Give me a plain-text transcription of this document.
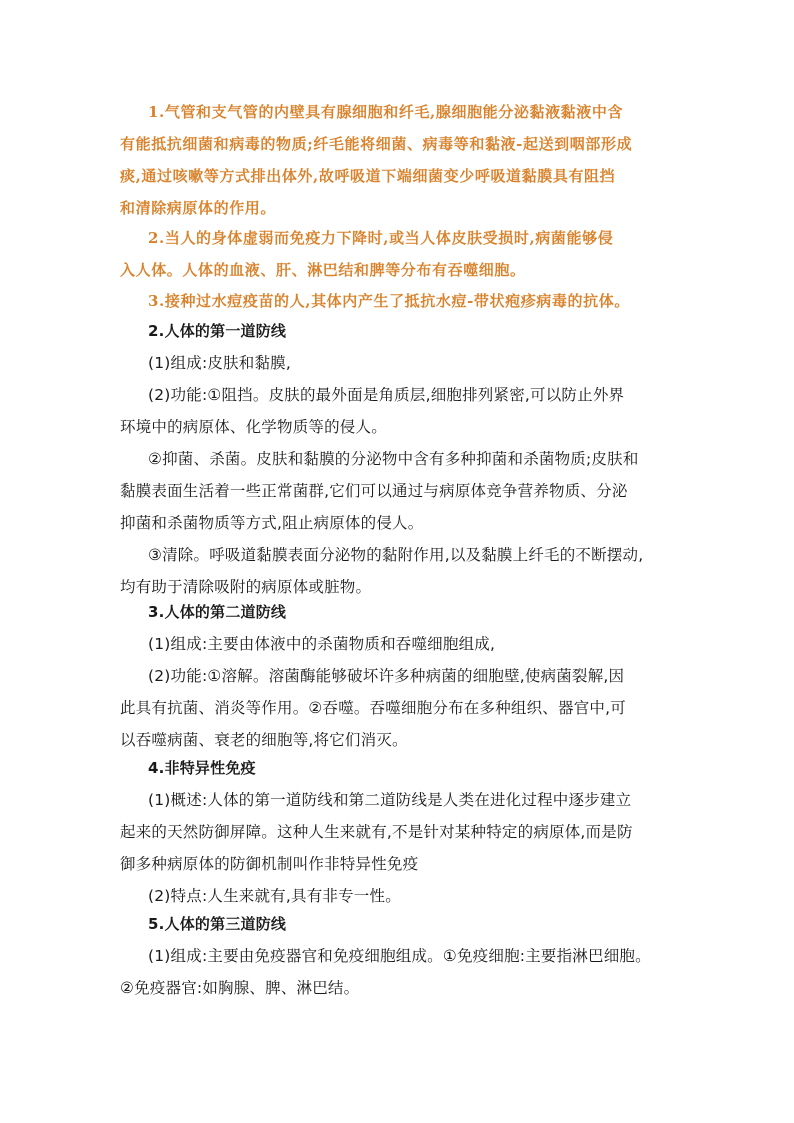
1.气管和支气管的内壁具有腺细胞和纤毛,腺细胞能分泌黏液黏液中含
有能抵抗细菌和病毒的物质;纤毛能将细菌、病毒等和黏液-起送到咽部形成
痰,通过咳嗽等方式排出体外,故呼吸道下端细菌变少呼吸道黏膜具有阻挡
和清除病原体的作用。
2.当人的身体虚弱而免疫力下降时,或当人体皮肤受损时,病菌能够侵
入人体。人体的血液、肝、淋巴结和脾等分布有吞噬细胞。
3.接种过水痘疫苗的人,其体内产生了抵抗水痘-带状疱疹病毒的抗体。
2.人体的第一道防线
(1)组成:皮肤和黏膜,
(2)功能:①阻挡。皮肤的最外面是角质层,细胞排列紧密,可以防止外界
环境中的病原体、化学物质等的侵人。
②抑菌、杀菌。皮肤和黏膜的分泌物中含有多种抑菌和杀菌物质;皮肤和
黏膜表面生活着一些正常菌群,它们可以通过与病原体竞争营养物质、分泌
抑菌和杀菌物质等方式,阻止病原体的侵人。
③清除。呼吸道黏膜表面分泌物的黏附作用,以及黏膜上纤毛的不断摆动,
均有助于清除吸附的病原体或脏物。
3.人体的第二道防线
(1)组成:主要由体液中的杀菌物质和吞噬细胞组成,
(2)功能:①溶解。溶菌酶能够破坏许多种病菌的细胞壁,使病菌裂解,因
此具有抗菌、消炎等作用。②吞噬。吞噬细胞分布在多种组织、器官中,可
以吞噬病菌、衰老的细胞等,将它们消灭。
4.非特异性免疫
(1)概述:人体的第一道防线和第二道防线是人类在进化过程中逐步建立
起来的天然防御屏障。这种人生来就有,不是针对某种特定的病原体,而是防
御多种病原体的防御机制叫作非特异性免疫
(2)特点:人生来就有,具有非专一性。
5.人体的第三道防线
(1)组成:主要由免疫器官和免疫细胞组成。①免疫细胞:主要指淋巴细胞。
②免疫器官:如胸腺、脾、淋巴结。
